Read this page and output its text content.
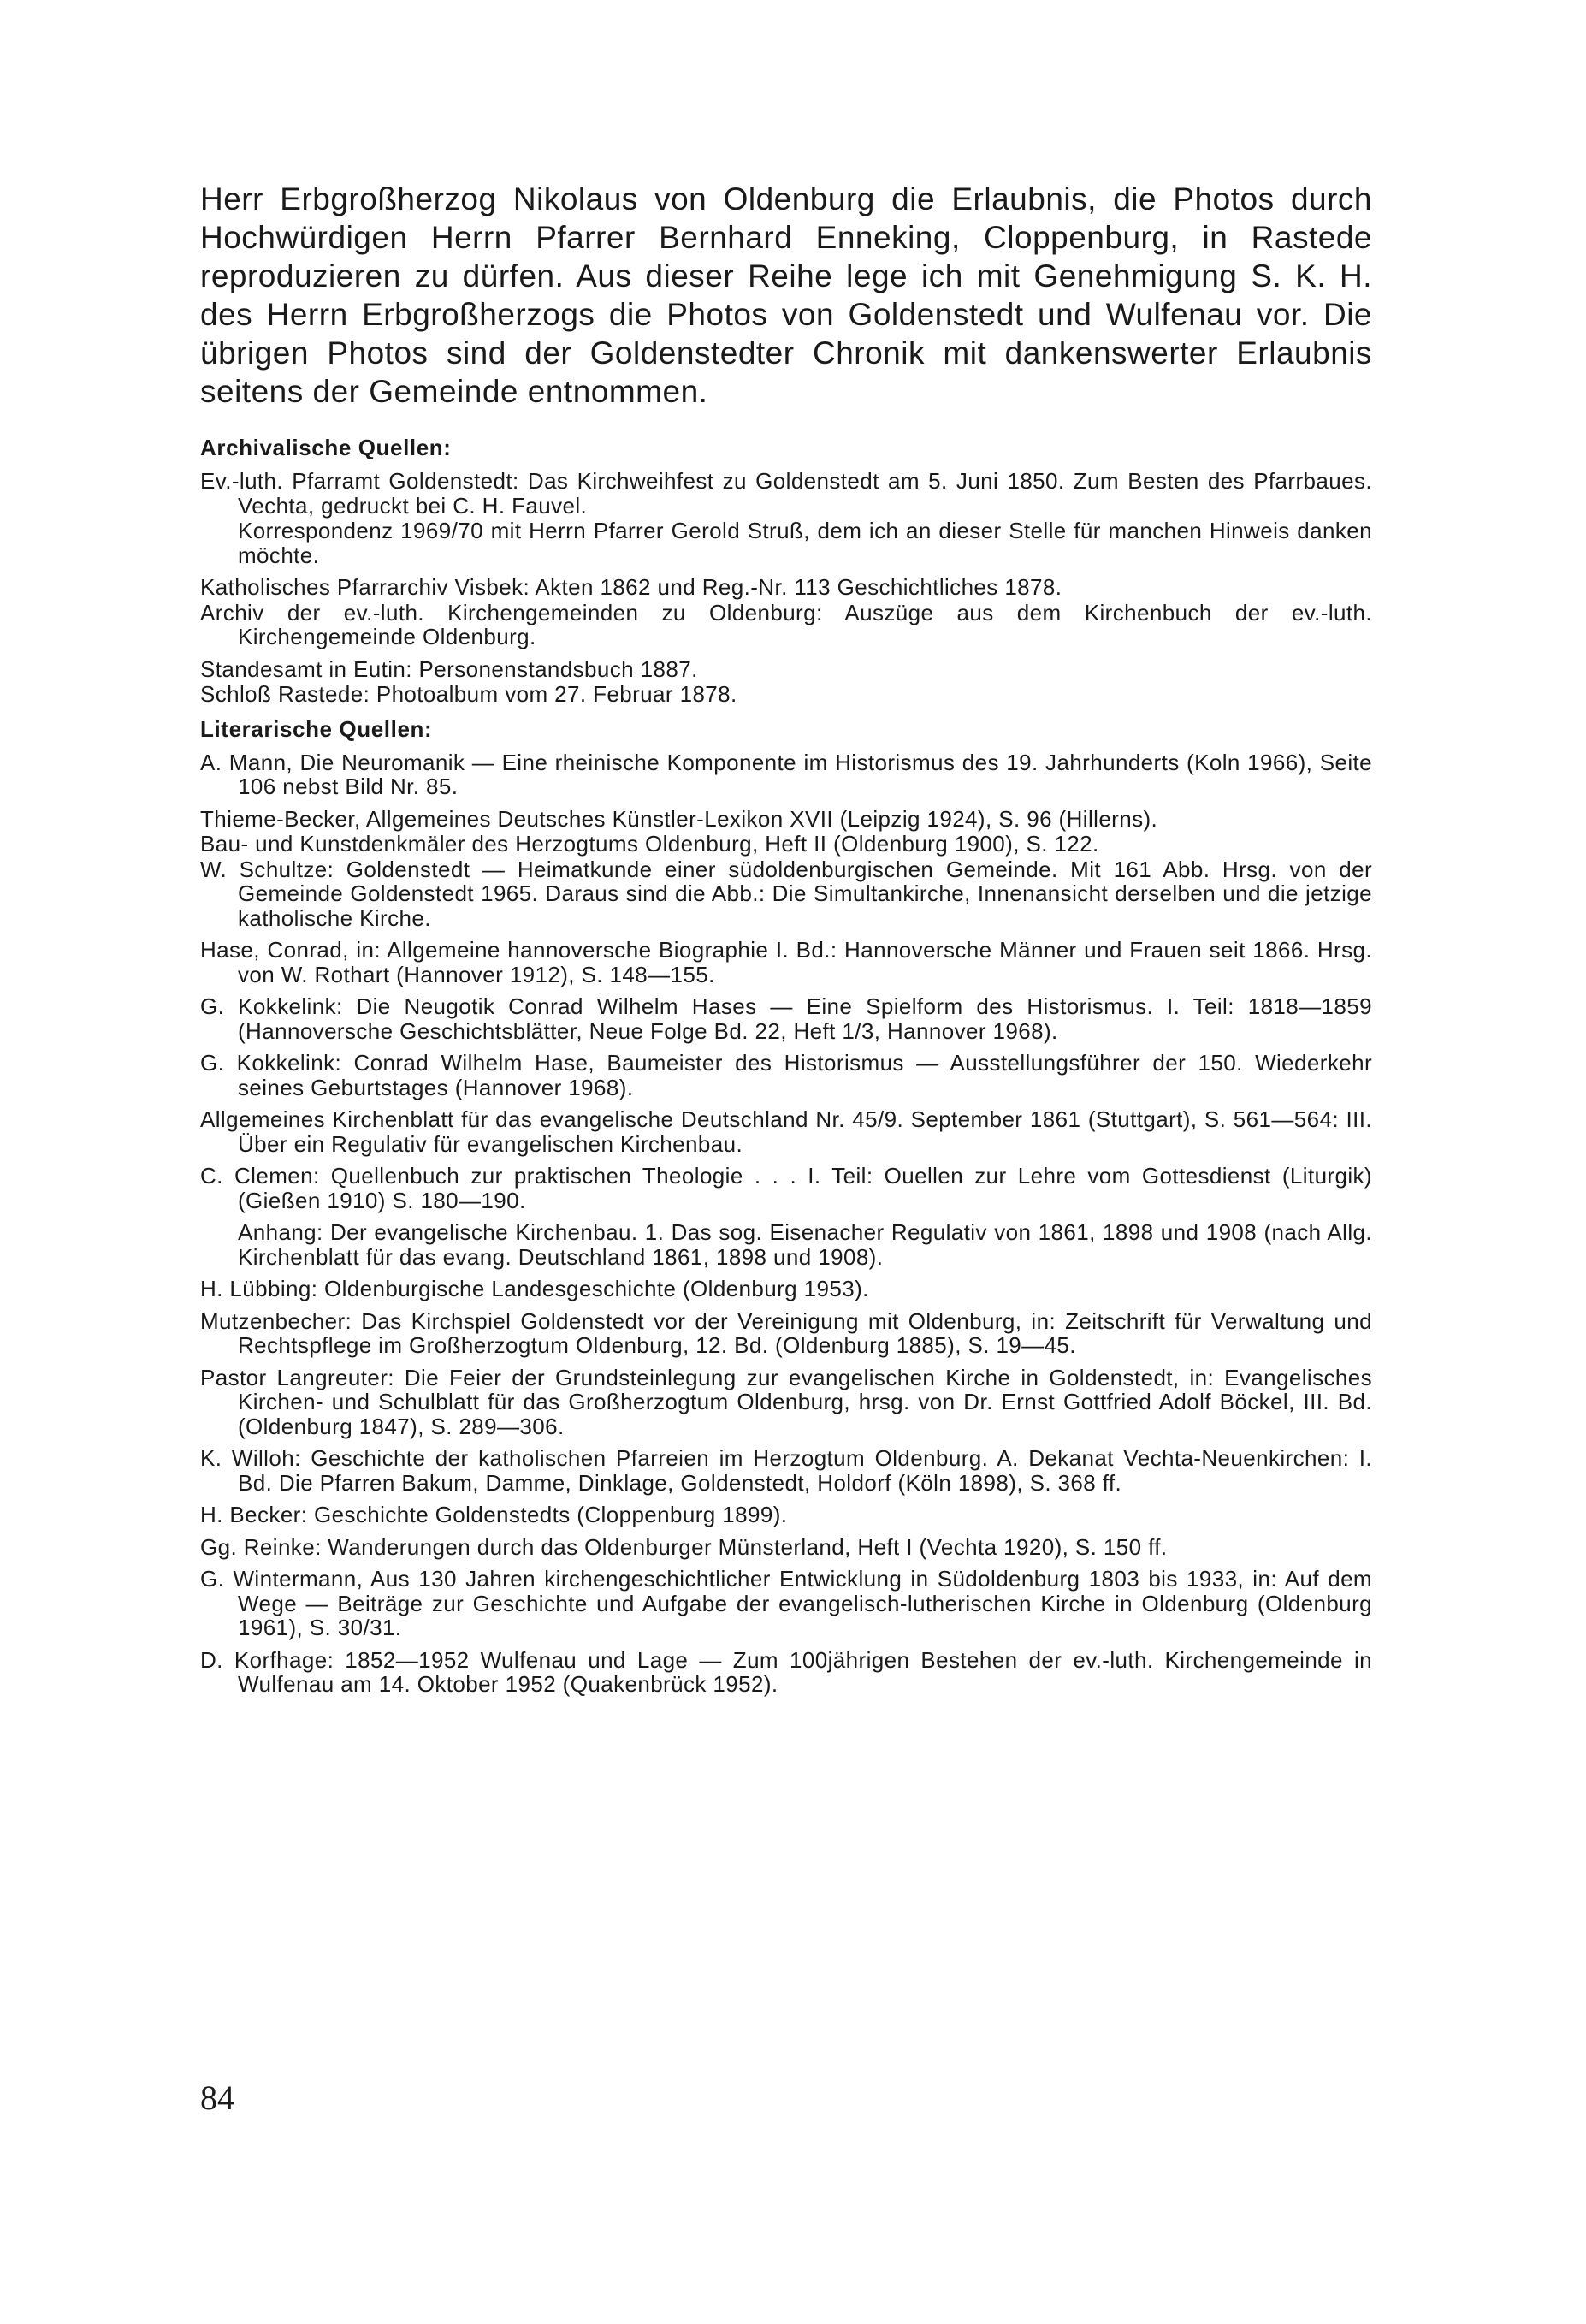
Herr Erbgroßherzog Nikolaus von Oldenburg die Erlaubnis, die Photos durch Hochwürdigen Herrn Pfarrer Bernhard Enneking, Cloppenburg, in Rastede reproduzieren zu dürfen. Aus dieser Reihe lege ich mit Genehmigung S. K. H. des Herrn Erbgroßherzogs die Photos von Goldenstedt und Wulfenau vor. Die übrigen Photos sind der Goldenstedter Chronik mit dankenswerter Erlaubnis seitens der Gemeinde entnommen.

Archivalische Quellen:

Ev.-luth. Pfarramt Goldenstedt: Das Kirchweihfest zu Goldenstedt am 5. Juni 1850. Zum Besten des Pfarrbaues. Vechta, gedruckt bei C. H. Fauvel.

Korrespondenz 1969/70 mit Herrn Pfarrer Gerold Struß, dem ich an dieser Stelle für manchen Hinweis danken möchte.

Katholisches Pfarrarchiv Visbek: Akten 1862 und Reg.-Nr. 113 Geschichtliches 1878.

Archiv der ev.-luth. Kirchengemeinden zu Oldenburg: Auszüge aus dem Kirchenbuch der ev.-luth. Kirchengemeinde Oldenburg.

Standesamt in Eutin: Personenstandsbuch 1887.

Schloß Rastede: Photoalbum vom 27. Februar 1878.

Literarische Quellen:

A. Mann, Die Neuromanik — Eine rheinische Komponente im Historismus des 19. Jahrhunderts (Koln 1966), Seite 106 nebst Bild Nr. 85.

Thieme-Becker, Allgemeines Deutsches Künstler-Lexikon XVII (Leipzig 1924), S. 96 (Hillerns).

Bau- und Kunstdenkmäler des Herzogtums Oldenburg, Heft II (Oldenburg 1900), S. 122.

W. Schultze: Goldenstedt — Heimatkunde einer südoldenburgischen Gemeinde. Mit 161 Abb. Hrsg. von der Gemeinde Goldenstedt 1965. Daraus sind die Abb.: Die Simultankirche, Innenansicht derselben und die jetzige katholische Kirche.

Hase, Conrad, in: Allgemeine hannoversche Biographie I. Bd.: Hannoversche Männer und Frauen seit 1866. Hrsg. von W. Rothart (Hannover 1912), S. 148—155.

G. Kokkelink: Die Neugotik Conrad Wilhelm Hases — Eine Spielform des Historismus. I. Teil: 1818—1859 (Hannoversche Geschichtsblätter, Neue Folge Bd. 22, Heft 1/3, Hannover 1968).

G. Kokkelink: Conrad Wilhelm Hase, Baumeister des Historismus — Ausstellungsführer der 150. Wiederkehr seines Geburtstages (Hannover 1968).

Allgemeines Kirchenblatt für das evangelische Deutschland Nr. 45/9. September 1861 (Stuttgart), S. 561—564: III. Über ein Regulativ für evangelischen Kirchenbau.

C. Clemen: Quellenbuch zur praktischen Theologie . . . I. Teil: Ouellen zur Lehre vom Gottesdienst (Liturgik) (Gießen 1910) S. 180—190.

Anhang: Der evangelische Kirchenbau. 1. Das sog. Eisenacher Regulativ von 1861, 1898 und 1908 (nach Allg. Kirchenblatt für das evang. Deutschland 1861, 1898 und 1908).

H. Lübbing: Oldenburgische Landesgeschichte (Oldenburg 1953).

Mutzenbecher: Das Kirchspiel Goldenstedt vor der Vereinigung mit Oldenburg, in: Zeitschrift für Verwaltung und Rechtspflege im Großherzogtum Oldenburg, 12. Bd. (Oldenburg 1885), S. 19—45.

Pastor Langreuter: Die Feier der Grundsteinlegung zur evangelischen Kirche in Goldenstedt, in: Evangelisches Kirchen- und Schulblatt für das Großherzogtum Oldenburg, hrsg. von Dr. Ernst Gottfried Adolf Böckel, III. Bd. (Oldenburg 1847), S. 289—306.

K. Willoh: Geschichte der katholischen Pfarreien im Herzogtum Oldenburg. A. Dekanat Vechta-Neuenkirchen: I. Bd. Die Pfarren Bakum, Damme, Dinklage, Goldenstedt, Holdorf (Köln 1898), S. 368 ff.

H. Becker: Geschichte Goldenstedts (Cloppenburg 1899).

Gg. Reinke: Wanderungen durch das Oldenburger Münsterland, Heft I (Vechta 1920), S. 150 ff.

G. Wintermann, Aus 130 Jahren kirchengeschichtlicher Entwicklung in Südoldenburg 1803 bis 1933, in: Auf dem Wege — Beiträge zur Geschichte und Aufgabe der evangelisch-lutherischen Kirche in Oldenburg (Oldenburg 1961), S. 30/31.

D. Korfhage: 1852—1952 Wulfenau und Lage — Zum 100jährigen Bestehen der ev.-luth. Kirchengemeinde in Wulfenau am 14. Oktober 1952 (Quakenbrück 1952).

84
